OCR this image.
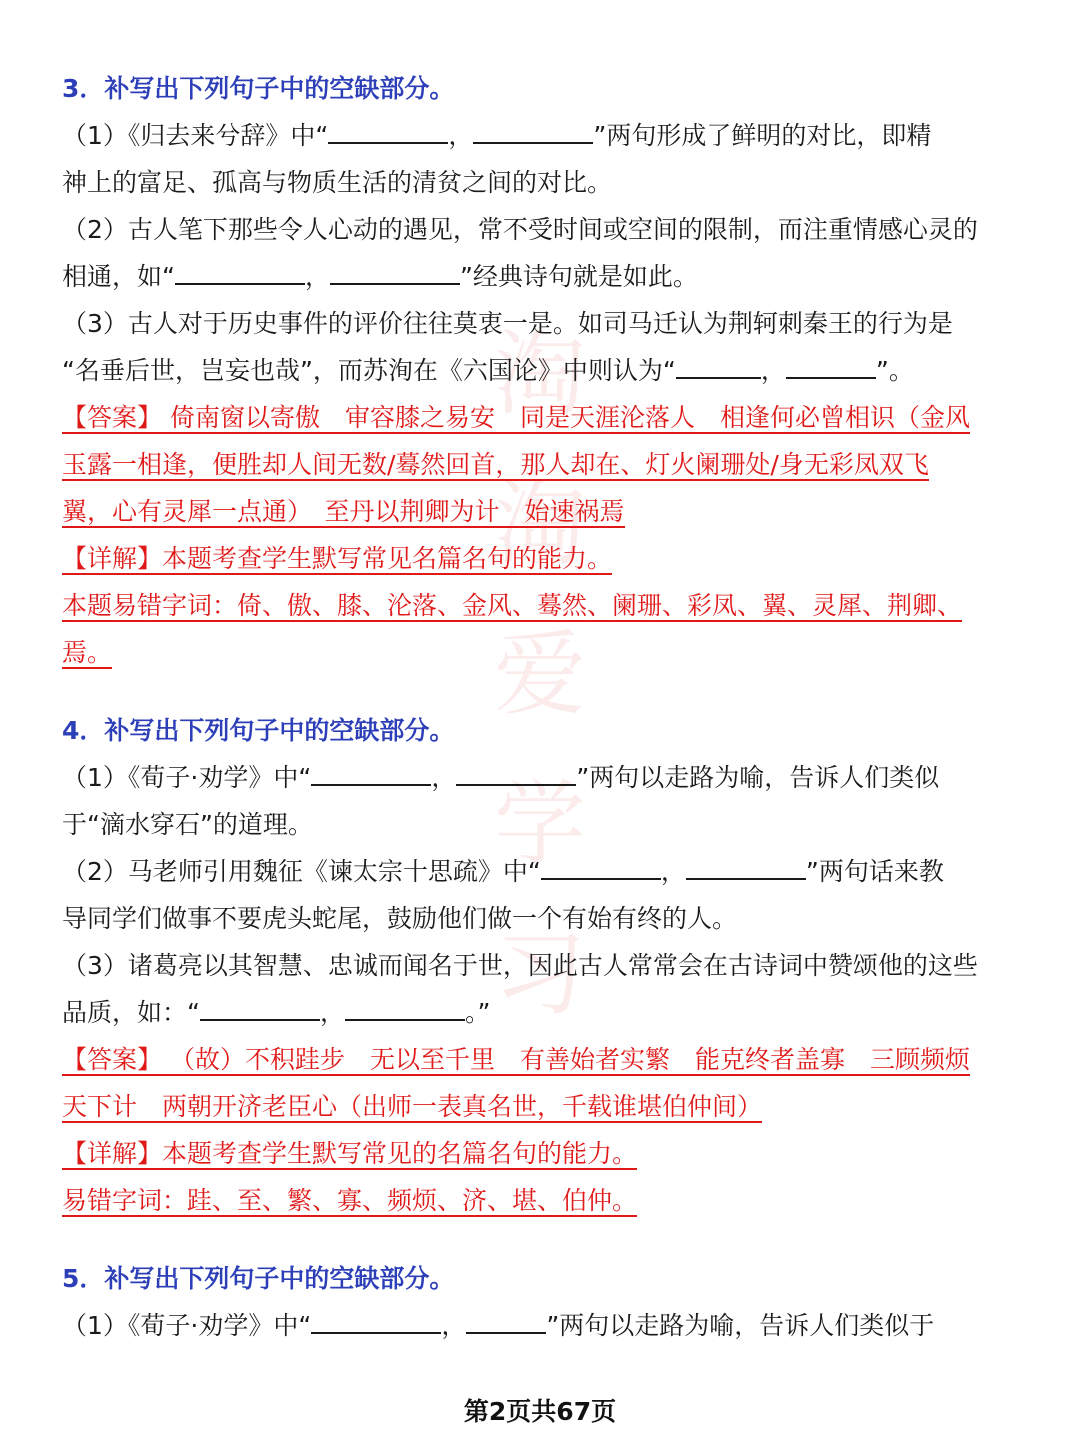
淘
淘
爱
学
习

3．补写出下列句子中的空缺部分。

（1）《归去来兮辞》中“	，	”两句形成了鲜明的对比，即精

神上的富足、孤高与物质生活的清贫之间的对比。

（2）古人笔下那些令人心动的遇见，常不受时间或空间的限制，而注重情感心灵的

相通，如“	，	”经典诗句就是如此。

（3）古人对于历史事件的评价往往莫衷一是。如司马迁认为荆轲刺秦王的行为是

“名垂后世，岂妄也哉”，而苏洵在《六国论》中则认为“	，	”。

【答案】 倚南窗以寄傲　审容膝之易安　同是天涯沦落人　相逢何必曾相识（金风

玉露一相逢，便胜却人间无数/蓦然回首，那人却在、灯火阑珊处/身无彩凤双飞

翼，心有灵犀一点通）　至丹以荆卿为计　始速祸焉

【详解】本题考查学生默写常见名篇名句的能力。

本题易错字词：倚、傲、膝、沦落、金风、蓦然、阑珊、彩凤、翼、灵犀、荆卿、

焉。

4．补写出下列句子中的空缺部分。

（1）《荀子·劝学》中“	，	”两句以走路为喻，告诉人们类似

于“滴水穿石”的道理。

（2）马老师引用魏征《谏太宗十思疏》中“	，	”两句话来教

导同学们做事不要虎头蛇尾，鼓励他们做一个有始有终的人。

（3）诸葛亮以其智慧、忠诚而闻名于世，因此古人常常会在古诗词中赞颂他的这些

品质，如：“	，	。”

【答案】 （故）不积跬步　无以至千里　有善始者实繁　能克终者盖寡　三顾频烦

天下计　两朝开济老臣心（出师一表真名世，千载谁堪伯仲间）

【详解】本题考查学生默写常见的名篇名句的能力。

易错字词：跬、至、繁、寡、频烦、济、堪、伯仲。

5．补写出下列句子中的空缺部分。

（1）《荀子·劝学》中“	，	”两句以走路为喻，告诉人们类似于

第2页共67页
